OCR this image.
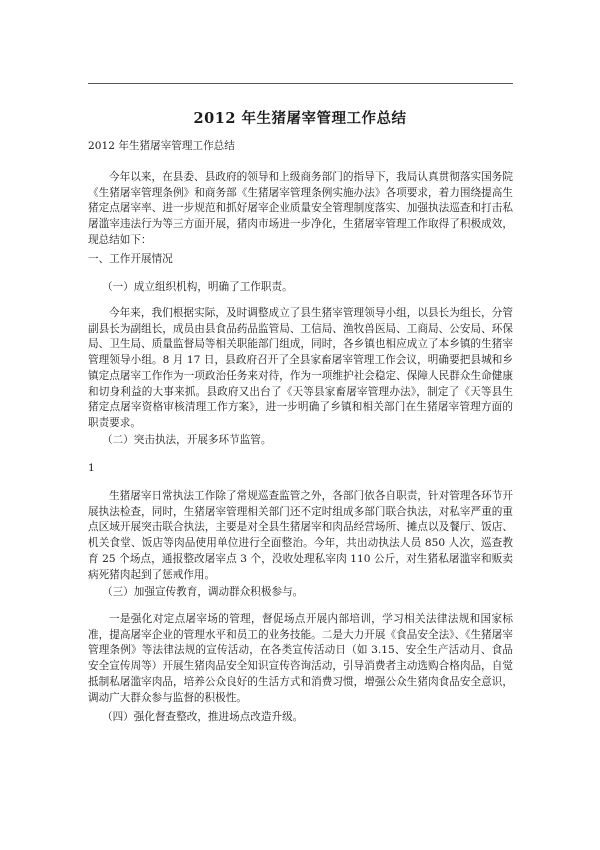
2012 年生猪屠宰管理工作总结
2012 年生猪屠宰管理工作总结
今年以来，在县委、县政府的领导和上级商务部门的指导下，我局认真贯彻落实国务院《生猪屠宰管理条例》和商务部《生猪屠宰管理条例实施办法》各项要求，着力围绕提高生猪定点屠宰率、进一步规范和抓好屠宰企业质量安全管理制度落实、加强执法巡查和打击私屠滥宰违法行为等三方面开展，猪肉市场进一步净化，生猪屠宰管理工作取得了积极成效，现总结如下：
一、工作开展情况
（一）成立组织机构，明确了工作职责。
今年来，我们根据实际，及时调整成立了县生猪宰管理领导小组，以县长为组长，分管副县长为副组长，成员由县食品药品监管局、工信局、渔牧兽医局、工商局、公安局、环保局、卫生局、质量监督局等相关职能部门组成，同时，各乡镇也相应成立了本乡镇的生猪宰管理领导小组。8 月 17 日，县政府召开了全县家畜屠宰管理工作会议，明确要把县城和乡镇定点屠宰工作作为一项政治任务来对待，作为一项维护社会稳定、保障人民群众生命健康和切身利益的大事来抓。县政府又出台了《天等县家畜屠宰管理办法》，制定了《天等县生猪定点屠宰资格审核清理工作方案》，进一步明确了乡镇和相关部门在生猪屠宰管理方面的职责要求。
（二）突击执法，开展多环节监管。
1
生猪屠宰日常执法工作除了常规巡查监管之外，各部门依各自职责，针对管理各环节开展执法检查，同时，生猪屠宰管理相关部门还不定时组成多部门联合执法，对私宰严重的重点区域开展突击联合执法，主要是对全县生猪屠宰和肉品经营场所、摊点以及餐厅、饭店、机关食堂、饭店等肉品使用单位进行全面整治。今年，共出动执法人员 850 人次，巡查教育 25 个场点，通报整改屠宰点 3 个，没收处理私宰肉 110 公斤，对生猪私屠滥宰和贩卖病死猪肉起到了惩戒作用。
（三）加强宣传教育，调动群众积极参与。
一是强化对定点屠宰场的管理，督促场点开展内部培训，学习相关法律法规和国家标准，提高屠宰企业的管理水平和员工的业务技能。二是大力开展《食品安全法》、《生猪屠宰管理条例》等法律法规的宣传活动，在各类宣传活动日（如 3.15、安全生产活动月、食品安全宣传周等）开展生猪肉品安全知识宣传咨询活动，引导消费者主动选购合格肉品，自觉抵制私屠滥宰肉品，培养公众良好的生活方式和消费习惯，增强公众生猪肉食品安全意识，调动广大群众参与监督的积极性。
（四）强化督查整改，推进场点改造升级。
